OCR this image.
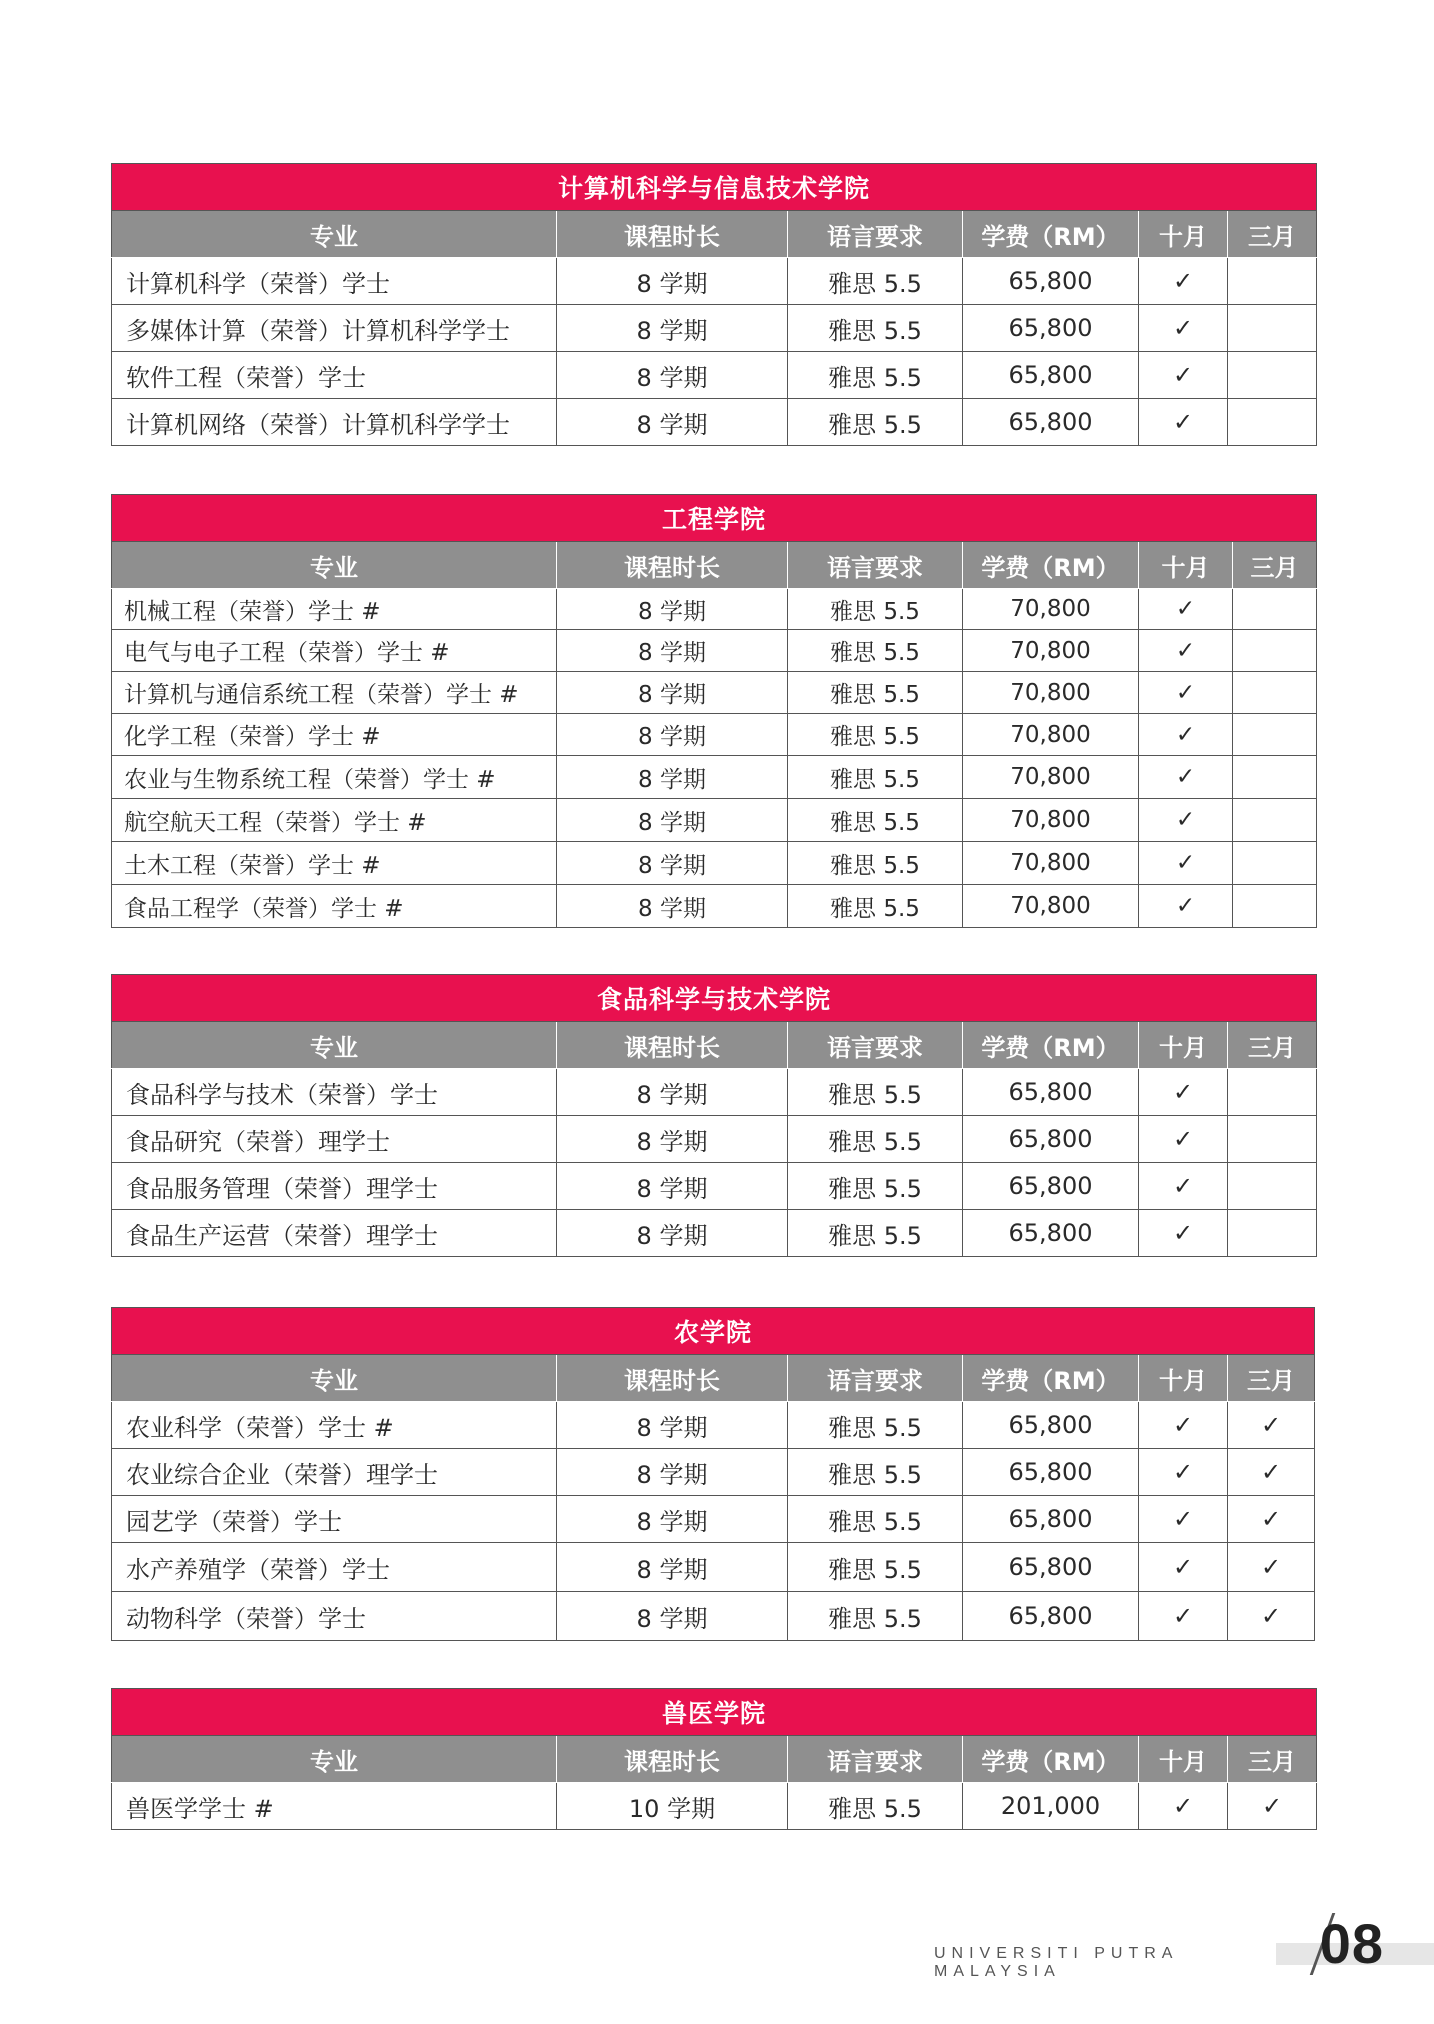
计算机科学与信息技术学院					
专业	课程时长	语言要求	学费（RM）	十月	三月
计算机科学（荣誉）学士	8 学期	雅思 5.5	65,800	✓	
多媒体计算（荣誉）计算机科学学士	8 学期	雅思 5.5	65,800	✓	
软件工程（荣誉）学士	8 学期	雅思 5.5	65,800	✓	
计算机网络（荣誉）计算机科学学士	8 学期	雅思 5.5	65,800	✓	
工程学院					
专业	课程时长	语言要求	学费（RM）	十月	三月
机械工程（荣誉）学士 #	8 学期	雅思 5.5	70,800	✓	
电气与电子工程（荣誉）学士 #	8 学期	雅思 5.5	70,800	✓	
计算机与通信系统工程（荣誉）学士 #	8 学期	雅思 5.5	70,800	✓	
化学工程（荣誉）学士 #	8 学期	雅思 5.5	70,800	✓	
农业与生物系统工程（荣誉）学士 #	8 学期	雅思 5.5	70,800	✓	
航空航天工程（荣誉）学士 #	8 学期	雅思 5.5	70,800	✓	
土木工程（荣誉）学士 #	8 学期	雅思 5.5	70,800	✓	
食品工程学（荣誉）学士 #	8 学期	雅思 5.5	70,800	✓	
食品科学与技术学院					
专业	课程时长	语言要求	学费（RM）	十月	三月
食品科学与技术（荣誉）学士	8 学期	雅思 5.5	65,800	✓	
食品研究（荣誉）理学士	8 学期	雅思 5.5	65,800	✓	
食品服务管理（荣誉）理学士	8 学期	雅思 5.5	65,800	✓	
食品生产运营（荣誉）理学士	8 学期	雅思 5.5	65,800	✓	
农学院					
专业	课程时长	语言要求	学费（RM）	十月	三月
农业科学（荣誉）学士 #	8 学期	雅思 5.5	65,800	✓	✓
农业综合企业（荣誉）理学士	8 学期	雅思 5.5	65,800	✓	✓
园艺学（荣誉）学士	8 学期	雅思 5.5	65,800	✓	✓
水产养殖学（荣誉）学士	8 学期	雅思 5.5	65,800	✓	✓
动物科学（荣誉）学士	8 学期	雅思 5.5	65,800	✓	✓
兽医学院					
专业	课程时长	语言要求	学费（RM）	十月	三月
兽医学学士 #	10 学期	雅思 5.5	201,000	✓	✓
UNIVERSITI PUTRA MALAYSIA	08
